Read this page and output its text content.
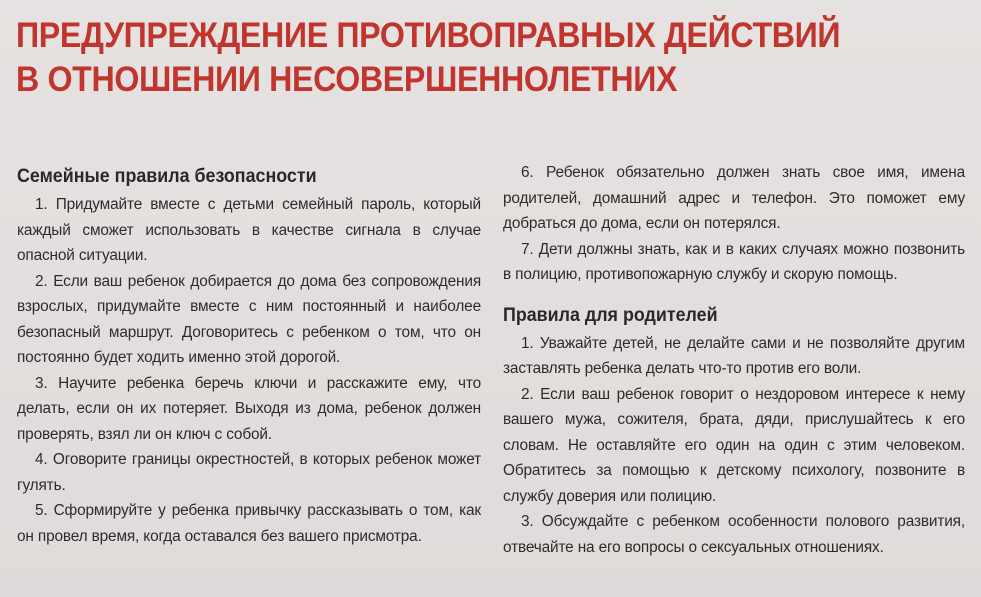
ПРЕДУПРЕЖДЕНИЕ ПРОТИВОПРАВНЫХ ДЕЙСТВИЙ
В ОТНОШЕНИИ НЕСОВЕРШЕННОЛЕТНИХ
Семейные правила безопасности

1. Придумайте вместе с детьми семейный пароль, который каждый сможет использовать в качестве сигнала в случае опасной ситуации.

2. Если ваш ребенок добирается до дома без сопровождения взрослых, придумайте вместе с ним постоянный и наиболее безопасный маршрут. Договоритесь с ребенком о том, что он постоянно будет ходить именно этой дорогой.

3. Научите ребенка беречь ключи и расскажите ему, что делать, если он их потеряет. Выходя из дома, ребенок должен проверять, взял ли он ключ с собой.

4. Оговорите границы окрестностей, в которых ребенок может гулять.

5. Сформируйте у ребенка привычку рассказывать о том, как он провел время, когда оставался без вашего присмотра.

6. Ребенок обязательно должен знать свое имя, имена родителей, домашний адрес и телефон. Это поможет ему добраться до дома, если он потерялся.

7. Дети должны знать, как и в каких случаях можно позвонить в полицию, противопожарную службу и скорую помощь.

Правила для родителей

1. Уважайте детей, не делайте сами и не позволяйте другим заставлять ребенка делать что-то против его воли.

2. Если ваш ребенок говорит о нездоровом интересе к нему вашего мужа, сожителя, брата, дяди, прислушайтесь к его словам. Не оставляйте его один на один с этим человеком. Обратитесь за помощью к детскому психологу, позвоните в службу доверия или полицию.

3. Обсуждайте с ребенком особенности полового развития, отвечайте на его вопросы о сексуальных отношениях.
